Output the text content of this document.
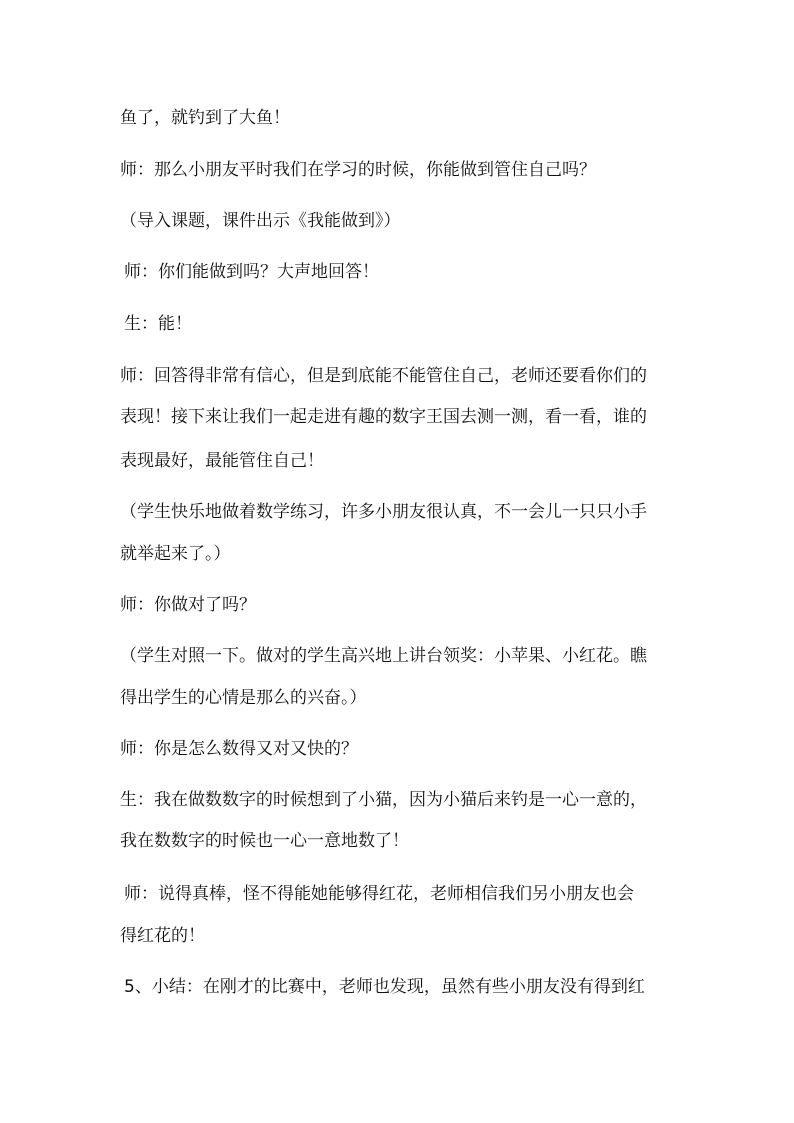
鱼了，就钓到了大鱼！
师：那么小朋友平时我们在学习的时候，你能做到管住自己吗？
（导入课题，课件出示《我能做到》）
师：你们能做到吗？大声地回答！
生：能！
师：回答得非常有信心，但是到底能不能管住自己，老师还要看你们的
表现！接下来让我们一起走进有趣的数字王国去测一测，看一看，谁的
表现最好，最能管住自己！
（学生快乐地做着数学练习，许多小朋友很认真，不一会儿一只只小手
就举起来了。）
师：你做对了吗？
（学生对照一下。做对的学生高兴地上讲台领奖：小苹果、小红花。瞧
得出学生的心情是那么的兴奋。）
师：你是怎么数得又对又快的？
生：我在做数数字的时候想到了小猫，因为小猫后来钓是一心一意的，
我在数数字的时候也一心一意地数了！
师：说得真棒，怪不得能她能够得红花，老师相信我们另小朋友也会
得红花的！
5、小结：在刚才的比赛中，老师也发现，虽然有些小朋友没有得到红
